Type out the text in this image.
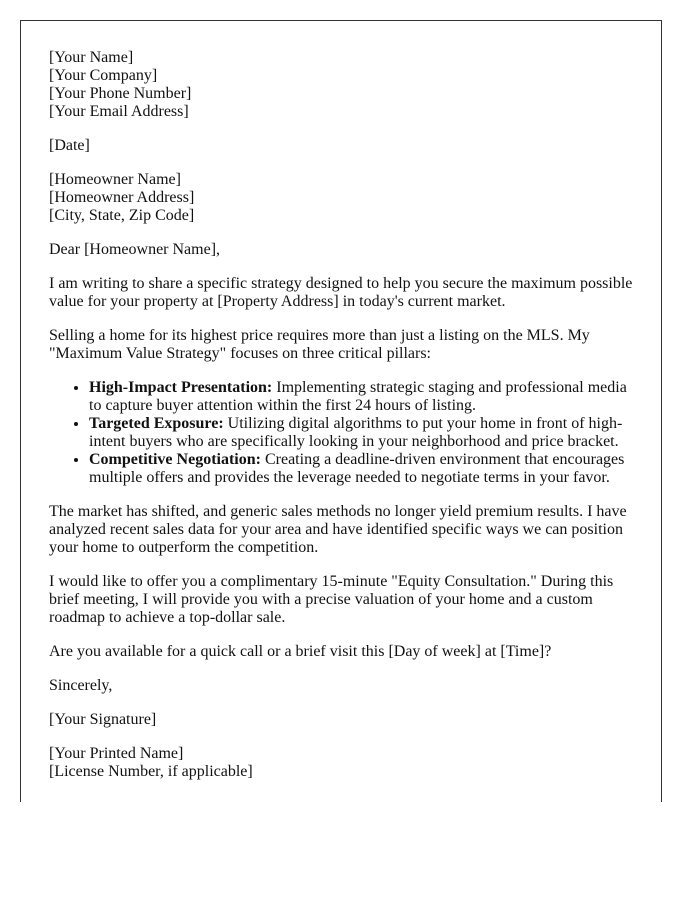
[Your Name]
[Your Company]
[Your Phone Number]
[Your Email Address]

[Date]

[Homeowner Name]
[Homeowner Address]
[City, State, Zip Code]

Dear [Homeowner Name],

I am writing to share a specific strategy designed to help you secure the maximum possible value for your property at [Property Address] in today's current market.

Selling a home for its highest price requires more than just a listing on the MLS. My "Maximum Value Strategy" focuses on three critical pillars:

• High-Impact Presentation: Implementing strategic staging and professional media to capture buyer attention within the first 24 hours of listing.
• Targeted Exposure: Utilizing digital algorithms to put your home in front of high-intent buyers who are specifically looking in your neighborhood and price bracket.
• Competitive Negotiation: Creating a deadline-driven environment that encourages multiple offers and provides the leverage needed to negotiate terms in your favor.

The market has shifted, and generic sales methods no longer yield premium results. I have analyzed recent sales data for your area and have identified specific ways we can position your home to outperform the competition.

I would like to offer you a complimentary 15-minute "Equity Consultation." During this brief meeting, I will provide you with a precise valuation of your home and a custom roadmap to achieve a top-dollar sale.

Are you available for a quick call or a brief visit this [Day of week] at [Time]?

Sincerely,

[Your Signature]

[Your Printed Name]
[License Number, if applicable]
